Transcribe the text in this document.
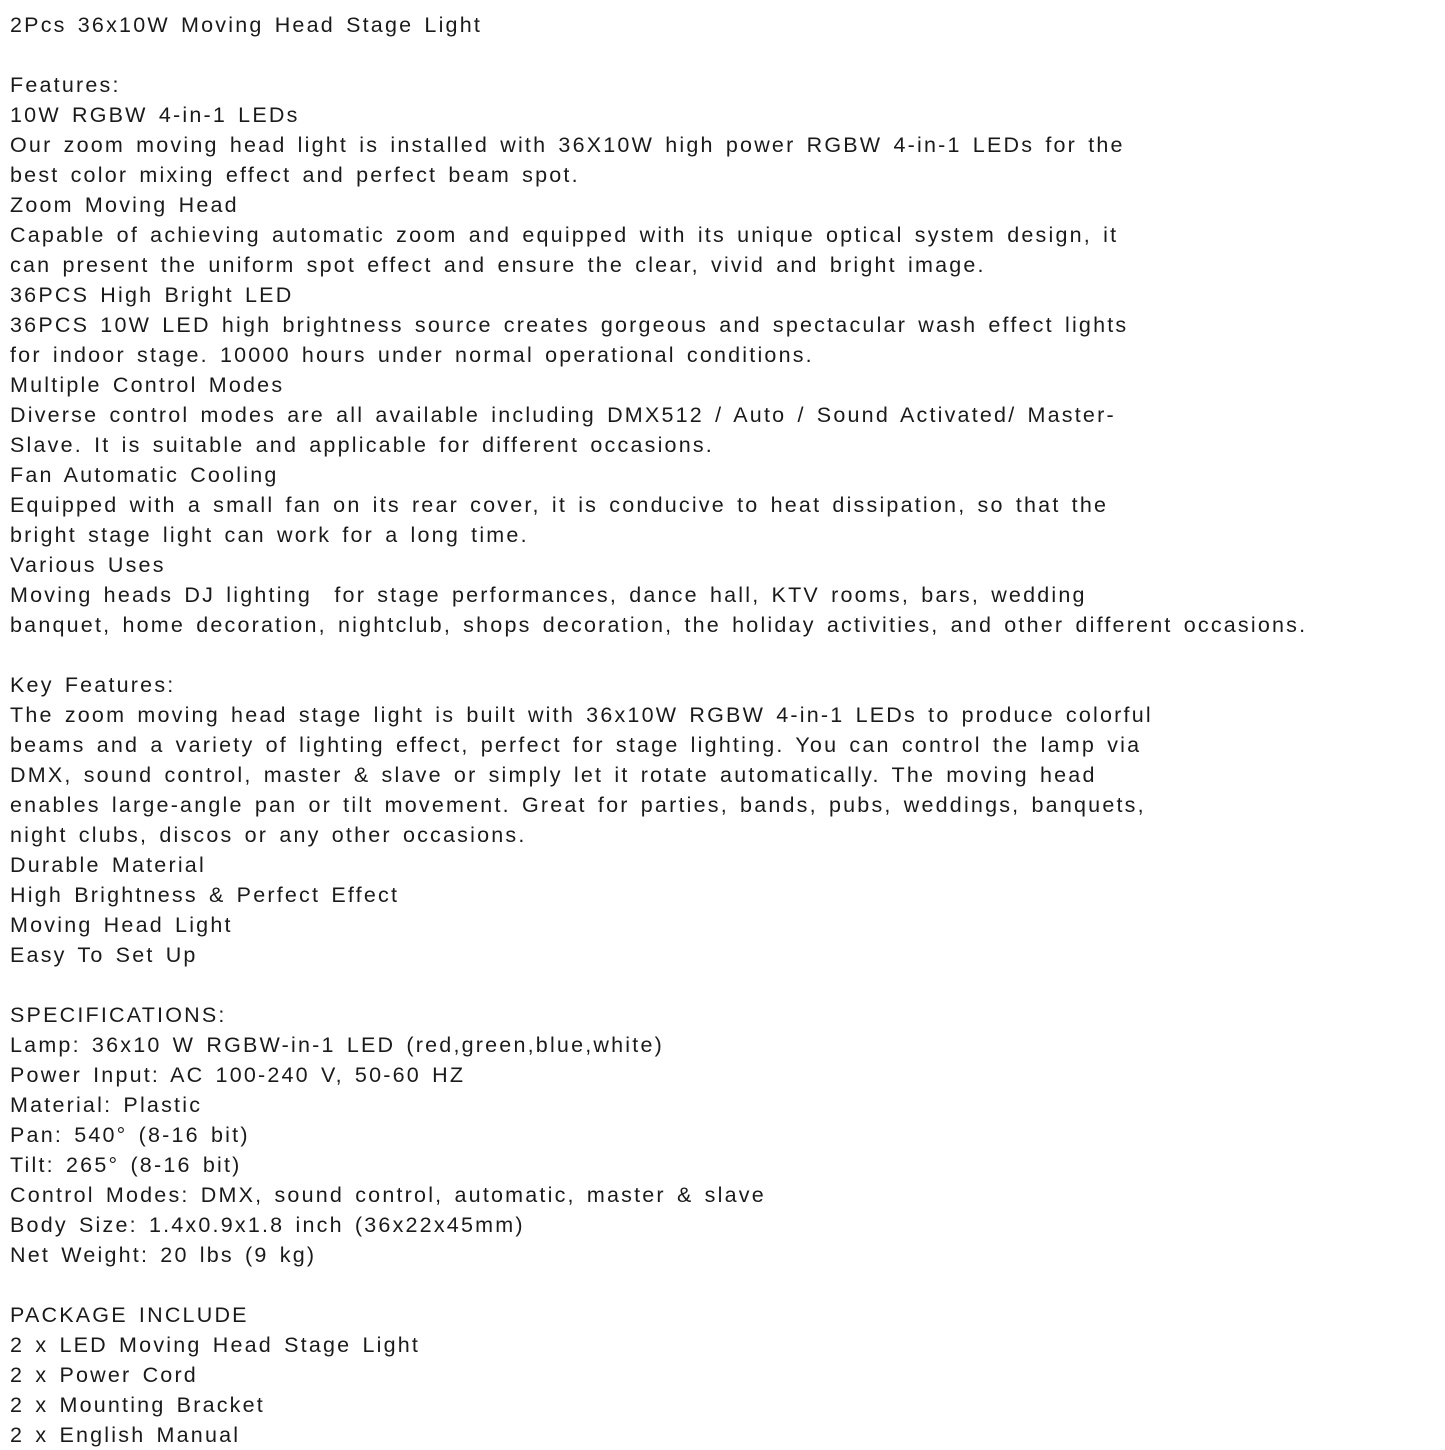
2Pcs 36x10W Moving Head Stage Light

Features:
10W RGBW 4-in-1 LEDs
Our zoom moving head light is installed with 36X10W high power RGBW 4-in-1 LEDs for the
best color mixing effect and perfect beam spot.
Zoom Moving Head
Capable of achieving automatic zoom and equipped with its unique optical system design, it
can present the uniform spot effect and ensure the clear, vivid and bright image.
36PCS High Bright LED
36PCS 10W LED high brightness source creates gorgeous and spectacular wash effect lights
for indoor stage. 10000 hours under normal operational conditions.
Multiple Control Modes
Diverse control modes are all available including DMX512 / Auto / Sound Activated/ Master-
Slave. It is suitable and applicable for different occasions.
Fan Automatic Cooling
Equipped with a small fan on its rear cover, it is conducive to heat dissipation, so that the
bright stage light can work for a long time.
Various Uses
Moving heads DJ lighting  for stage performances, dance hall, KTV rooms, bars, wedding
banquet, home decoration, nightclub, shops decoration, the holiday activities, and other different occasions.

Key Features:
The zoom moving head stage light is built with 36x10W RGBW 4-in-1 LEDs to produce colorful
beams and a variety of lighting effect, perfect for stage lighting. You can control the lamp via
DMX, sound control, master & slave or simply let it rotate automatically. The moving head
enables large-angle pan or tilt movement. Great for parties, bands, pubs, weddings, banquets,
night clubs, discos or any other occasions.
Durable Material
High Brightness & Perfect Effect
Moving Head Light
Easy To Set Up

SPECIFICATIONS:
Lamp: 36x10 W RGBW-in-1 LED (red,green,blue,white)
Power Input: AC 100-240 V, 50-60 HZ
Material: Plastic
Pan: 540° (8-16 bit)
Tilt: 265° (8-16 bit)
Control Modes: DMX, sound control, automatic, master & slave
Body Size: 1.4x0.9x1.8 inch (36x22x45mm)
Net Weight: 20 lbs (9 kg)

PACKAGE INCLUDE
2 x LED Moving Head Stage Light
2 x Power Cord
2 x Mounting Bracket
2 x English Manual
